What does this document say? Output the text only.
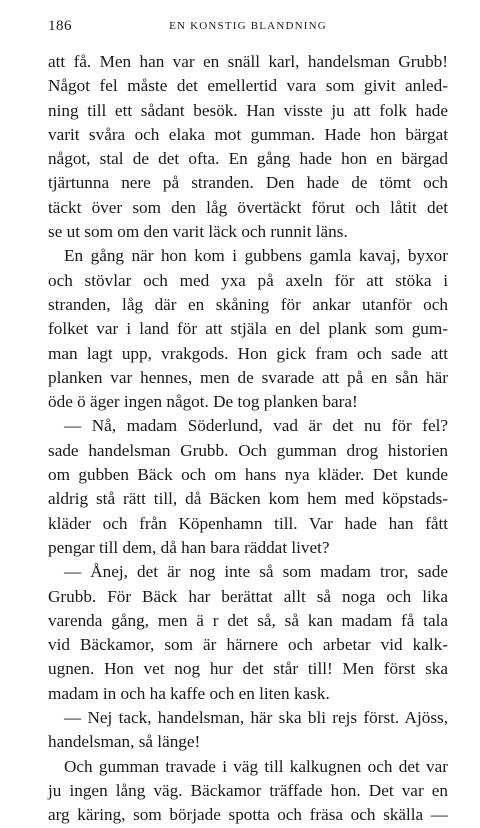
186	EN KONSTIG BLANDNING
att få. Men han var en snäll karl, handelsman Grubb!
Något fel måste det emellertid vara som givit anled-
ning till ett sådant besök. Han visste ju att folk hade
varit svåra och elaka mot gumman. Hade hon bärgat
något, stal de det ofta. En gång hade hon en bärgad
tjärtunna nere på stranden. Den hade de tömt och
täckt över som den låg övertäckt förut och låtit det
se ut som om den varit läck och runnit läns.
En gång när hon kom i gubbens gamla kavaj, byxor
och stövlar och med yxa på axeln för att stöka i
stranden, låg där en skåning för ankar utanför och
folket var i land för att stjäla en del plank som gum-
man lagt upp, vrakgods. Hon gick fram och sade att
planken var hennes, men de svarade att på en sån här
öde ö äger ingen något. De tog planken bara!
— Nå, madam Söderlund, vad är det nu för fel?
sade handelsman Grubb. Och gumman drog historien
om gubben Bäck och om hans nya kläder. Det kunde
aldrig stå rätt till, då Bäcken kom hem med köpstads-
kläder och från Köpenhamn till. Var hade han fått
pengar till dem, då han bara räddat livet?
— Ånej, det är nog inte så som madam tror, sade
Grubb. För Bäck har berättat allt så noga och lika
varenda gång, men ä r det så, så kan madam få tala
vid Bäckamor, som är härnere och arbetar vid kalk-
ugnen. Hon vet nog hur det står till! Men först ska
madam in och ha kaffe och en liten kask.
— Nej tack, handelsman, här ska bli rejs först. Ajöss,
handelsman, så länge!
Och gumman travade i väg till kalkugnen och det var
ju ingen lång väg. Bäckamor träffade hon. Det var en
arg käring, som började spotta och fräsa och skälla —
